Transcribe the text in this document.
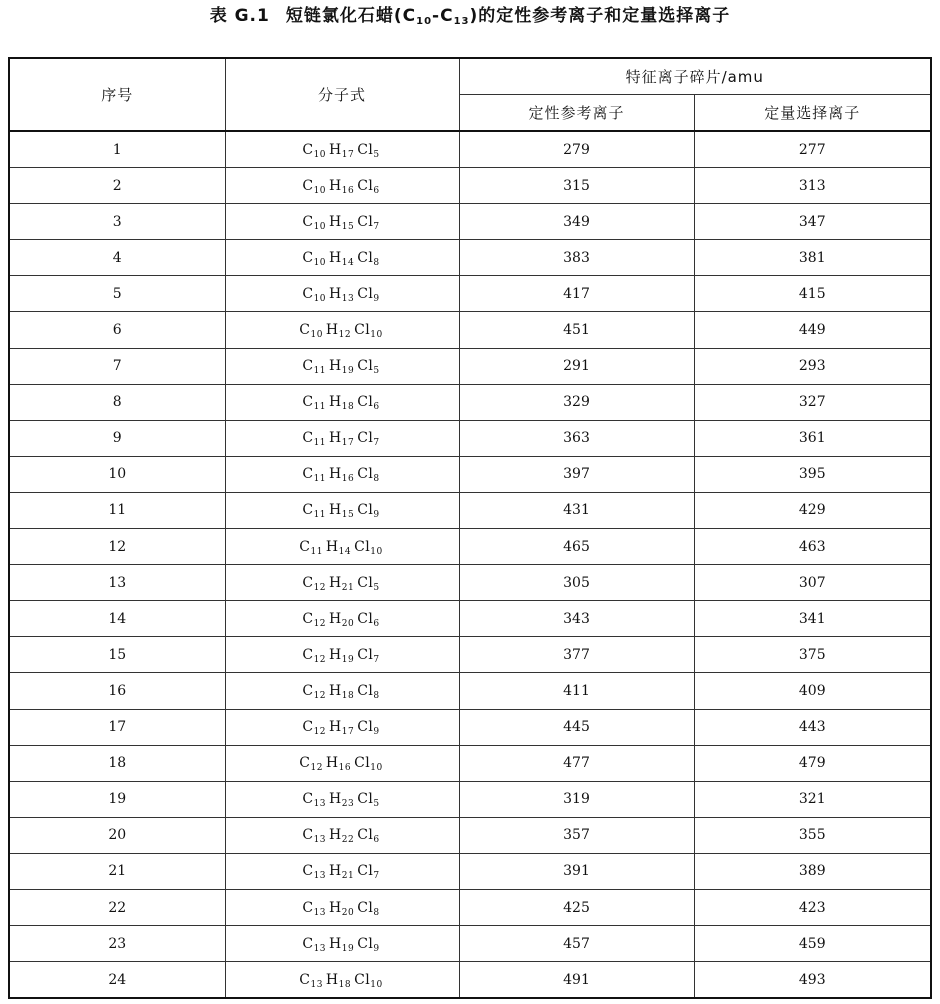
表 G.1 短链氯化石蜡$(C_{10}-C_{13})$的定性参考离子和定量选择离子
序号	分子式	特征离子碎片/amu	
		定性参考离子	定量选择离子
1	$C_{10}$ $H_{17}$ $Cl_5$	279	277
2	$C_{10}$ $H_{16}$ $Cl_6$	315	313
3	$C_{10}$ $H_{15}$ $Cl_7$	349	347
4	$C_{10}$ $H_{14}$ $Cl_8$	383	381
5	$C_{10}$ $H_{13}$ $Cl_9$	417	415
6	$C_{10}$ $H_{12}$ $Cl_{10}$	451	449
7	$C_{11}$ $H_{19}$ $Cl_5$	291	293
8	$C_{11}$ $H_{18}$ $Cl_6$	329	327
9	$C_{11}$ $H_{17}$ $Cl_7$	363	361
10	$C_{11}$ $H_{16}$ $Cl_8$	397	395
11	$C_{11}$ $H_{15}$ $Cl_9$	431	429
12	$C_{11}$ $H_{14}$ $Cl_{10}$	465	463
13	$C_{12}$ $H_{21}$ $Cl_5$	305	307
14	$C_{12}$ $H_{20}$ $Cl_6$	343	341
15	$C_{12}$ $H_{19}$ $Cl_7$	377	375
16	$C_{12}$ $H_{18}$ $Cl_8$	411	409
17	$C_{12}$ $H_{17}$ $Cl_9$	445	443
18	$C_{12}$ $H_{16}$ $Cl_{10}$	477	479
19	$C_{13}$ $H_{23}$ $Cl_5$	319	321
20	$C_{13}$ $H_{22}$ $Cl_6$	357	355
21	$C_{13}$ $H_{21}$ $Cl_7$	391	389
22	$C_{13}$ $H_{20}$ $Cl_8$	425	423
23	$C_{13}$ $H_{19}$ $Cl_9$	457	459
24	$C_{13}$ $H_{18}$ $Cl_{10}$	491	493
